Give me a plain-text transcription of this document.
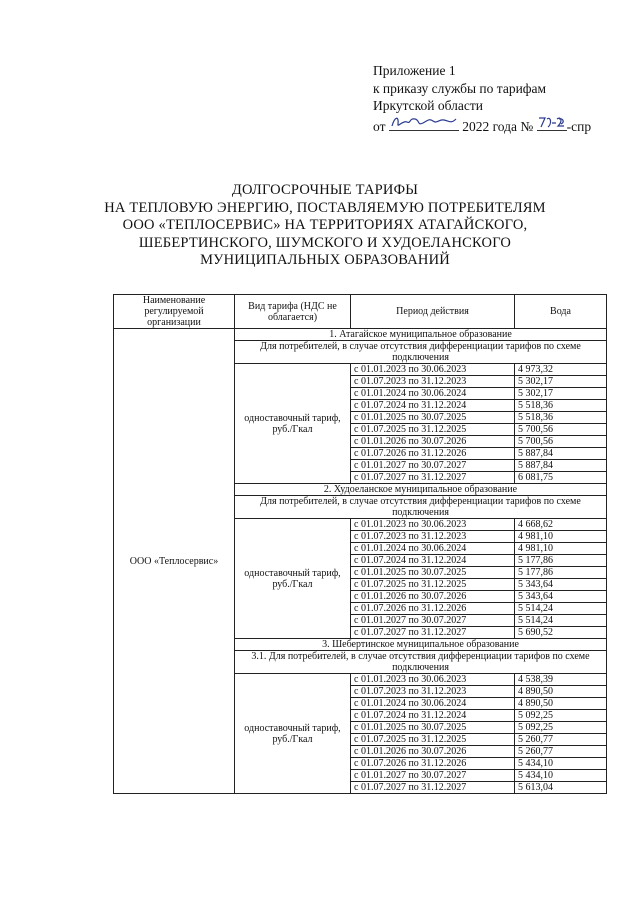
Приложение 1
к приказу службы по тарифам
Иркутской области
от	2022 года № -спр
ДОЛГОСРОЧНЫЕ ТАРИФЫ
НА ТЕПЛОВУЮ ЭНЕРГИЮ, ПОСТАВЛЯЕМУЮ ПОТРЕБИТЕЛЯМ
ООО «ТЕПЛОСЕРВИС» НА ТЕРРИТОРИЯХ АТАГАЙСКОГО,
ШЕБЕРТИНСКОГО, ШУМСКОГО И ХУДОЕЛАНСКОГО
МУНИЦИПАЛЬНЫХ ОБРАЗОВАНИЙ
Наименование регулируемой организации	Вид тарифа (НДС не облагается)	Период действия	Вода
ООО «Теплосервис»	1. Атагайское муниципальное образование		
	Для потребителей, в случае отсутствия дифференциации тарифов по схеме подключения		
	одноставочный тариф, руб./Гкал	с 01.01.2023 по 30.06.2023	4 973,32
		с 01.07.2023 по 31.12.2023	5 302,17
		с 01.01.2024 по 30.06.2024	5 302,17
		с 01.07.2024 по 31.12.2024	5 518,36
		с 01.01.2025 по 30.07.2025	5 518,36
		с 01.07.2025 по 31.12.2025	5 700,56
		с 01.01.2026 по 30.07.2026	5 700,56
		с 01.07.2026 по 31.12.2026	5 887,84
		с 01.01.2027 по 30.07.2027	5 887,84
		с 01.07.2027 по 31.12.2027	6 081,75
	2. Худоеланское муниципальное образование		
	Для потребителей, в случае отсутствия дифференциации тарифов по схеме подключения		
	одноставочный тариф, руб./Гкал	с 01.01.2023 по 30.06.2023	4 668,62
		с 01.07.2023 по 31.12.2023	4 981,10
		с 01.01.2024 по 30.06.2024	4 981,10
		с 01.07.2024 по 31.12.2024	5 177,86
		с 01.01.2025 по 30.07.2025	5 177,86
		с 01.07.2025 по 31.12.2025	5 343,64
		с 01.01.2026 по 30.07.2026	5 343,64
		с 01.07.2026 по 31.12.2026	5 514,24
		с 01.01.2027 по 30.07.2027	5 514,24
		с 01.07.2027 по 31.12.2027	5 690,52
	3. Шебертинское муниципальное образование		
	3.1. Для потребителей, в случае отсутствия дифференциации тарифов по схеме подключения		
	одноставочный тариф, руб./Гкал	с 01.01.2023 по 30.06.2023	4 538,39
		с 01.07.2023 по 31.12.2023	4 890,50
		с 01.01.2024 по 30.06.2024	4 890,50
		с 01.07.2024 по 31.12.2024	5 092,25
		с 01.01.2025 по 30.07.2025	5 092,25
		с 01.07.2025 по 31.12.2025	5 260,77
		с 01.01.2026 по 30.07.2026	5 260,77
		с 01.07.2026 по 31.12.2026	5 434,10
		с 01.01.2027 по 30.07.2027	5 434,10
		с 01.07.2027 по 31.12.2027	5 613,04
